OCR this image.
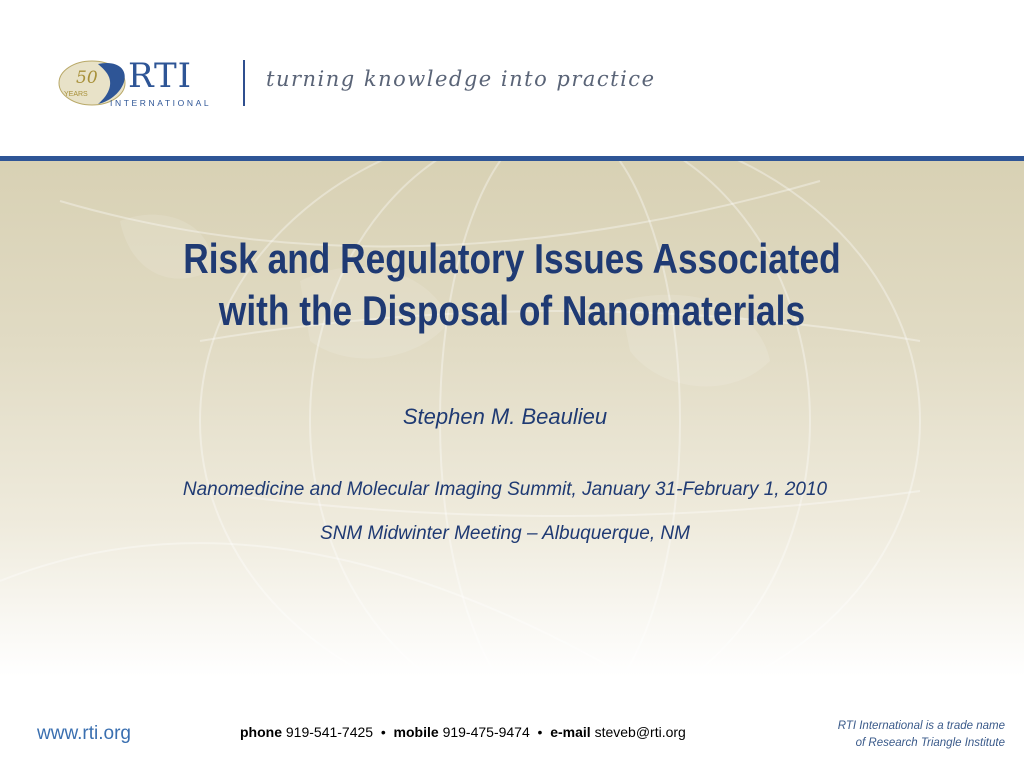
50
YEARS RTI
INTERNATIONAL
turning knowledge into practice
Risk and Regulatory Issues Associated
with the Disposal of Nanomaterials
Stephen M. Beaulieu
Nanomedicine and Molecular Imaging Summit, January 31-February 1, 2010
SNM Midwinter Meeting – Albuquerque, NM
www.rti.org	phone 919-541-7425 • mobile 919-475-9474 • e-mail steveb@rti.org	RTI International is a trade name
of Research Triangle Institute
